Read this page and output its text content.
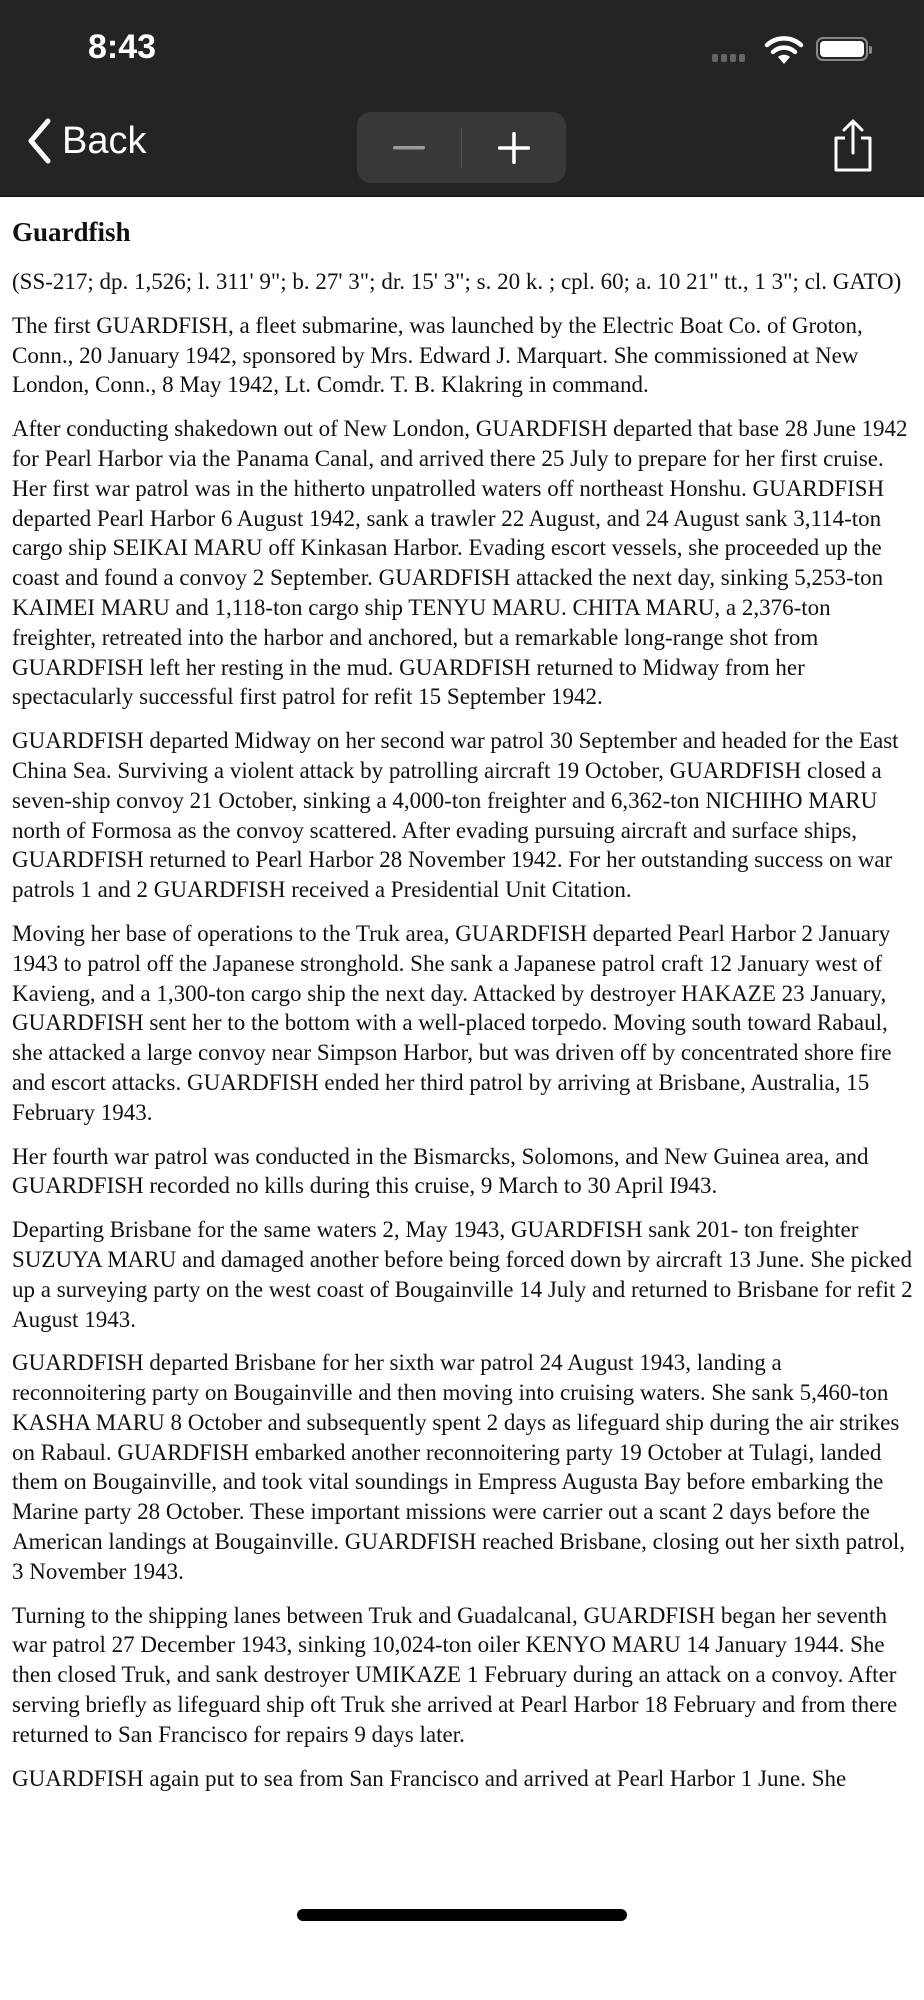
8:43
Back
Guardfish

(SS-217; dp. 1,526; l. 311' 9"; b. 27' 3"; dr. 15' 3"; s. 20 k. ; cpl. 60; a. 10 21" tt., 1 3"; cl. GATO)

The first GUARDFISH, a fleet submarine, was launched by the Electric Boat Co. of Groton, Conn., 20 January 1942, sponsored by Mrs. Edward J. Marquart. She commissioned at New London, Conn., 8 May 1942, Lt. Comdr. T. B. Klakring in command.

After conducting shakedown out of New London, GUARDFISH departed that base 28 June 1942 for Pearl Harbor via the Panama Canal, and arrived there 25 July to prepare for her first cruise. Her first war patrol was in the hitherto unpatrolled waters off northeast Honshu. GUARDFISH departed Pearl Harbor 6 August 1942, sank a trawler 22 August, and 24 August sank 3,114-ton cargo ship SEIKAI MARU off Kinkasan Harbor. Evading escort vessels, she proceeded up the coast and found a convoy 2 September. GUARDFISH attacked the next day, sinking 5,253-ton KAIMEI MARU and 1,118-ton cargo ship TENYU MARU. CHITA MARU, a 2,376-ton freighter, retreated into the harbor and anchored, but a remarkable long-range shot from GUARDFISH left her resting in the mud. GUARDFISH returned to Midway from her spectacularly successful first patrol for refit 15 September 1942.

GUARDFISH departed Midway on her second war patrol 30 September and headed for the East China Sea. Surviving a violent attack by patrolling aircraft 19 October, GUARDFISH closed a seven-ship convoy 21 October, sinking a 4,000-ton freighter and 6,362-ton NICHIHO MARU north of Formosa as the convoy scattered. After evading pursuing aircraft and surface ships, GUARDFISH returned to Pearl Harbor 28 November 1942. For her outstanding success on war patrols 1 and 2 GUARDFISH received a Presidential Unit Citation.

Moving her base of operations to the Truk area, GUARDFISH departed Pearl Harbor 2 January 1943 to patrol off the Japanese stronghold. She sank a Japanese patrol craft 12 January west of Kavieng, and a 1,300-ton cargo ship the next day. Attacked by destroyer HAKAZE 23 January, GUARDFISH sent her to the bottom with a well-placed torpedo. Moving south toward Rabaul, she attacked a large convoy near Simpson Harbor, but was driven off by concentrated shore fire and escort attacks. GUARDFISH ended her third patrol by arriving at Brisbane, Australia, 15 February 1943.

Her fourth war patrol was conducted in the Bismarcks, Solomons, and New Guinea area, and GUARDFISH recorded no kills during this cruise, 9 March to 30 April I943.

Departing Brisbane for the same waters 2, May 1943, GUARDFISH sank 201- ton freighter SUZUYA MARU and damaged another before being forced down by aircraft 13 June. She picked up a surveying party on the west coast of Bougainville 14 July and returned to Brisbane for refit 2 August 1943.

GUARDFISH departed Brisbane for her sixth war patrol 24 August 1943, landing a reconnoitering party on Bougainville and then moving into cruising waters. She sank 5,460-ton KASHA MARU 8 October and subsequently spent 2 days as lifeguard ship during the air strikes on Rabaul. GUARDFISH embarked another reconnoitering party 19 October at Tulagi, landed them on Bougainville, and took vital soundings in Empress Augusta Bay before embarking the Marine party 28 October. These important missions were carrier out a scant 2 days before the American landings at Bougainville. GUARDFISH reached Brisbane, closing out her sixth patrol, 3 November 1943.

Turning to the shipping lanes between Truk and Guadalcanal, GUARDFISH began her seventh war patrol 27 December 1943, sinking 10,024-ton oiler KENYO MARU 14 January 1944. She then closed Truk, and sank destroyer UMIKAZE 1 February during an attack on a convoy. After serving briefly as lifeguard ship oft Truk she arrived at Pearl Harbor 18 February and from there returned to San Francisco for repairs 9 days later.

GUARDFISH again put to sea from San Francisco and arrived at Pearl Harbor 1 June. She
